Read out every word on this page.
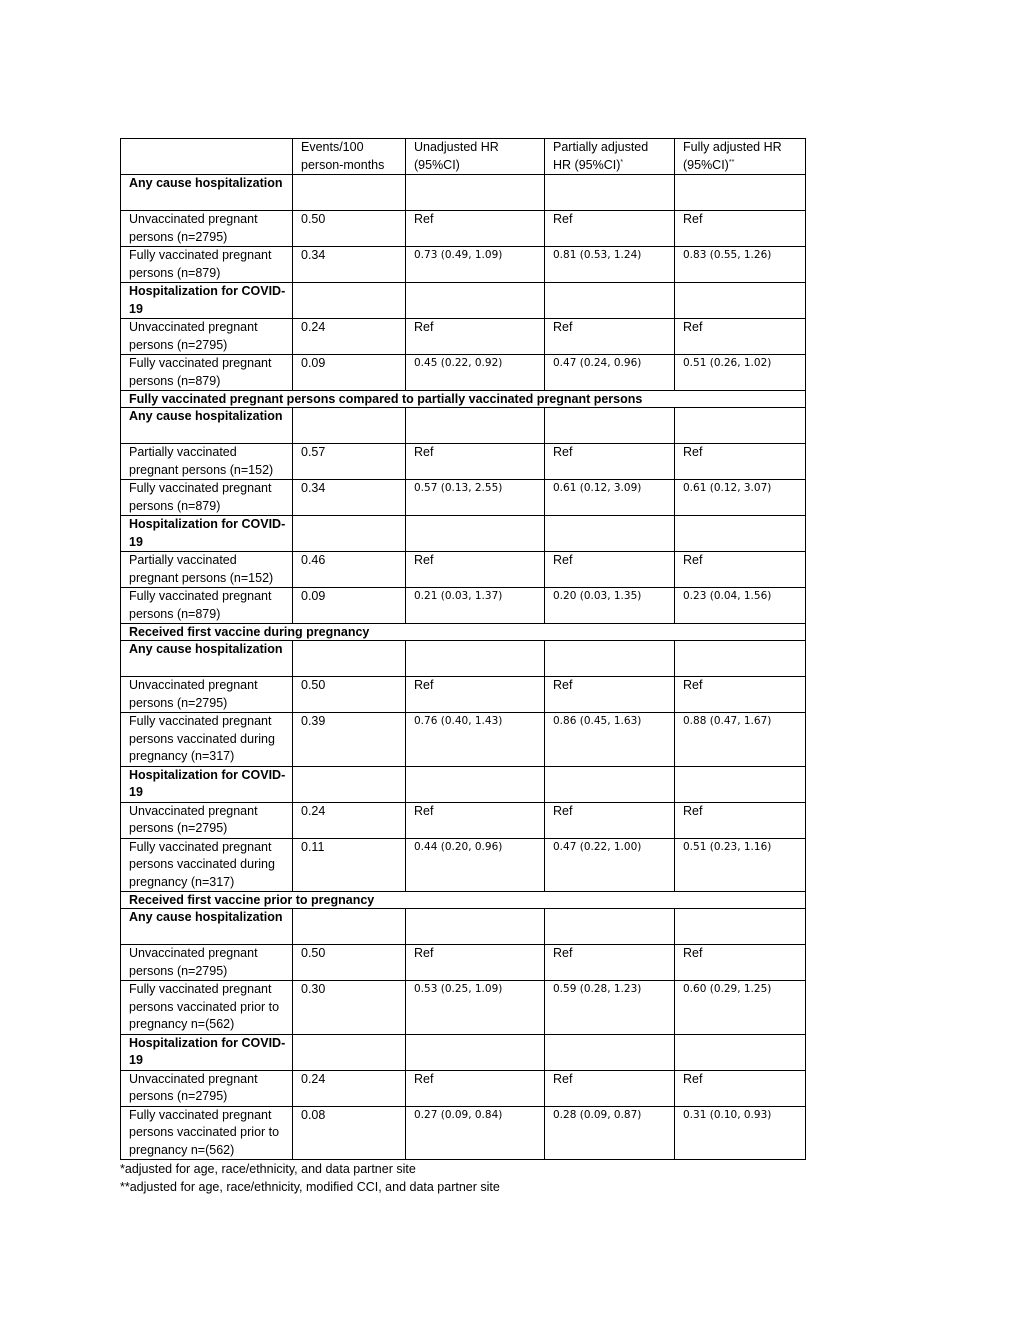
	Events/100 person-months	Unadjusted HR (95%CI)	Partially adjusted HR (95%CI)*	Fully adjusted HR (95%CI)**
Any cause hospitalization				
Unvaccinated pregnant persons (n=2795)	0.50	Ref	Ref	Ref
Fully vaccinated pregnant persons (n=879)	0.34	0.73 (0.49, 1.09)	0.81 (0.53, 1.24)	0.83 (0.55, 1.26)
Hospitalization for COVID-19				
Unvaccinated pregnant persons (n=2795)	0.24	Ref	Ref	Ref
Fully vaccinated pregnant persons (n=879)	0.09	0.45 (0.22, 0.92)	0.47 (0.24, 0.96)	0.51 (0.26, 1.02)
Fully vaccinated pregnant persons compared to partially vaccinated pregnant persons				
Any cause hospitalization				
Partially vaccinated pregnant persons (n=152)	0.57	Ref	Ref	Ref
Fully vaccinated pregnant persons (n=879)	0.34	0.57 (0.13, 2.55)	0.61 (0.12, 3.09)	0.61 (0.12, 3.07)
Hospitalization for COVID-19				
Partially vaccinated pregnant persons (n=152)	0.46	Ref	Ref	Ref
Fully vaccinated pregnant persons (n=879)	0.09	0.21 (0.03, 1.37)	0.20 (0.03, 1.35)	0.23 (0.04, 1.56)
Received first vaccine during pregnancy				
Any cause hospitalization				
Unvaccinated pregnant persons (n=2795)	0.50	Ref	Ref	Ref
Fully vaccinated pregnant persons vaccinated during pregnancy (n=317)	0.39	0.76 (0.40, 1.43)	0.86 (0.45, 1.63)	0.88 (0.47, 1.67)
Hospitalization for COVID-19				
Unvaccinated pregnant persons (n=2795)	0.24	Ref	Ref	Ref
Fully vaccinated pregnant persons vaccinated during pregnancy (n=317)	0.11	0.44 (0.20, 0.96)	0.47 (0.22, 1.00)	0.51 (0.23, 1.16)
Received first vaccine prior to pregnancy				
Any cause hospitalization				
Unvaccinated pregnant persons (n=2795)	0.50	Ref	Ref	Ref
Fully vaccinated pregnant persons vaccinated prior to pregnancy n=(562)	0.30	0.53 (0.25, 1.09)	0.59 (0.28, 1.23)	0.60 (0.29, 1.25)
Hospitalization for COVID-19				
Unvaccinated pregnant persons (n=2795)	0.24	Ref	Ref	Ref
Fully vaccinated pregnant persons vaccinated prior to pregnancy n=(562)	0.08	0.27 (0.09, 0.84)	0.28 (0.09, 0.87)	0.31 (0.10, 0.93)
*adjusted for age, race/ethnicity, and data partner site
**adjusted for age, race/ethnicity, modified CCI, and data partner site
